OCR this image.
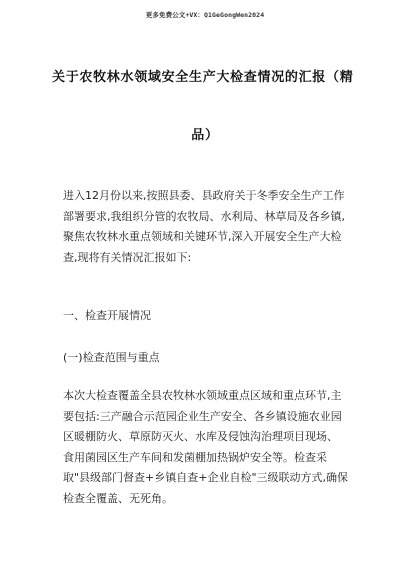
更多免费公文+VX：Q1GeGongWen2024
关于农牧林水领域安全生产大检查情况的汇报（精
品）
进入12月份以来,按照县委、县政府关于冬季安全生产工作
部署要求,我组织分管的农牧局、水利局、林草局及各乡镇,
聚焦农牧林水重点领域和关键环节,深入开展安全生产大检
查,现将有关情况汇报如下:
一、检查开展情况
(一)检查范围与重点
本次大检查覆盖全县农牧林水领域重点区域和重点环节,主
要包括:三产融合示范园企业生产安全、各乡镇设施农业园
区暖棚防火、草原防灭火、水库及侵蚀沟治理项目现场、
食用菌园区生产车间和发菌棚加热锅炉安全等。检查采
取"县级部门督查+乡镇自查+企业自检"三级联动方式,确保
检查全覆盖、无死角。
